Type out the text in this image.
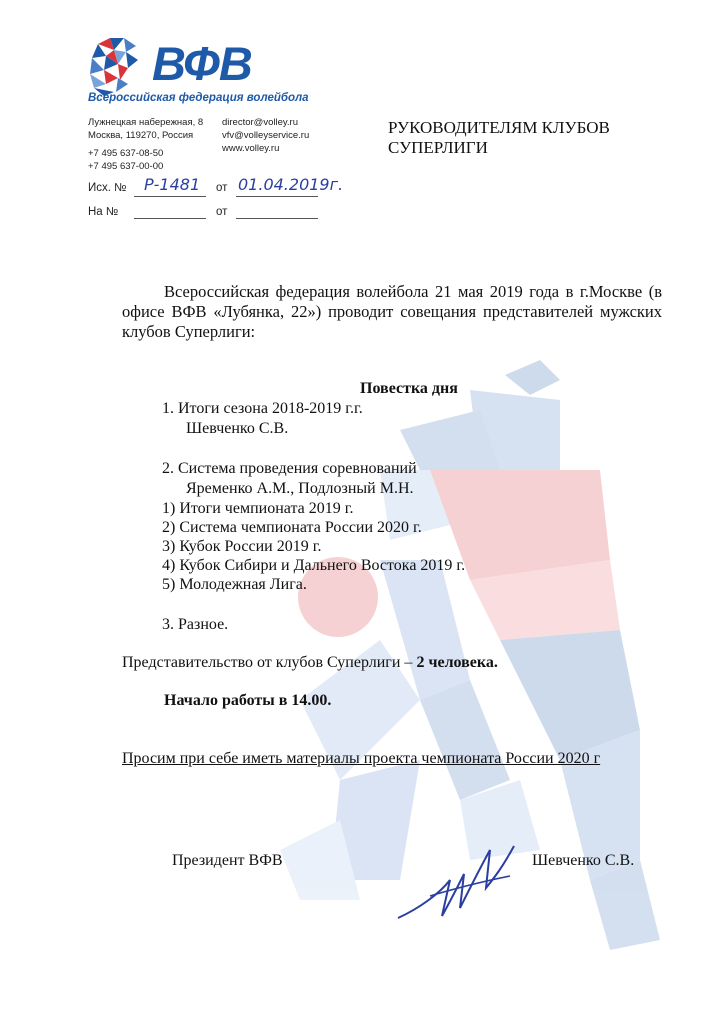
ВФВ
Всероссийская федерация волейбола
Лужнецкая набережная, 8
Москва, 119270, Россия
director@volley.ru
vfv@volleyservice.ru
www.volley.ru
+7 495 637-08-50
+7 495 637-00-00
Исх. № Р-1481 от 01.04.2019г.
На №	от
РУКОВОДИТЕЛЯМ КЛУБОВ
СУПЕРЛИГИ
Всероссийская федерация волейбола 21 мая 2019 года в г.Москве (в офисе ВФВ «Лубянка, 22») проводит совещания представителей мужских клубов Суперлиги:
Повестка дня
1. Итоги сезона 2018-2019 г.г.
Шевченко С.В.
2. Система проведения соревнований
Яременко А.М., Подлозный М.Н.
1) Итоги чемпионата 2019 г.
2) Система чемпионата России 2020 г.
3) Кубок России 2019 г.
4) Кубок Сибири и Дальнего Востока 2019 г.
5) Молодежная Лига.
3. Разное.
Представительство от клубов Суперлиги – 2 человека.
Начало работы в 14.00.
Просим при себе иметь материалы проекта чемпионата России 2020 г
Президент ВФВ	Шевченко С.В.
